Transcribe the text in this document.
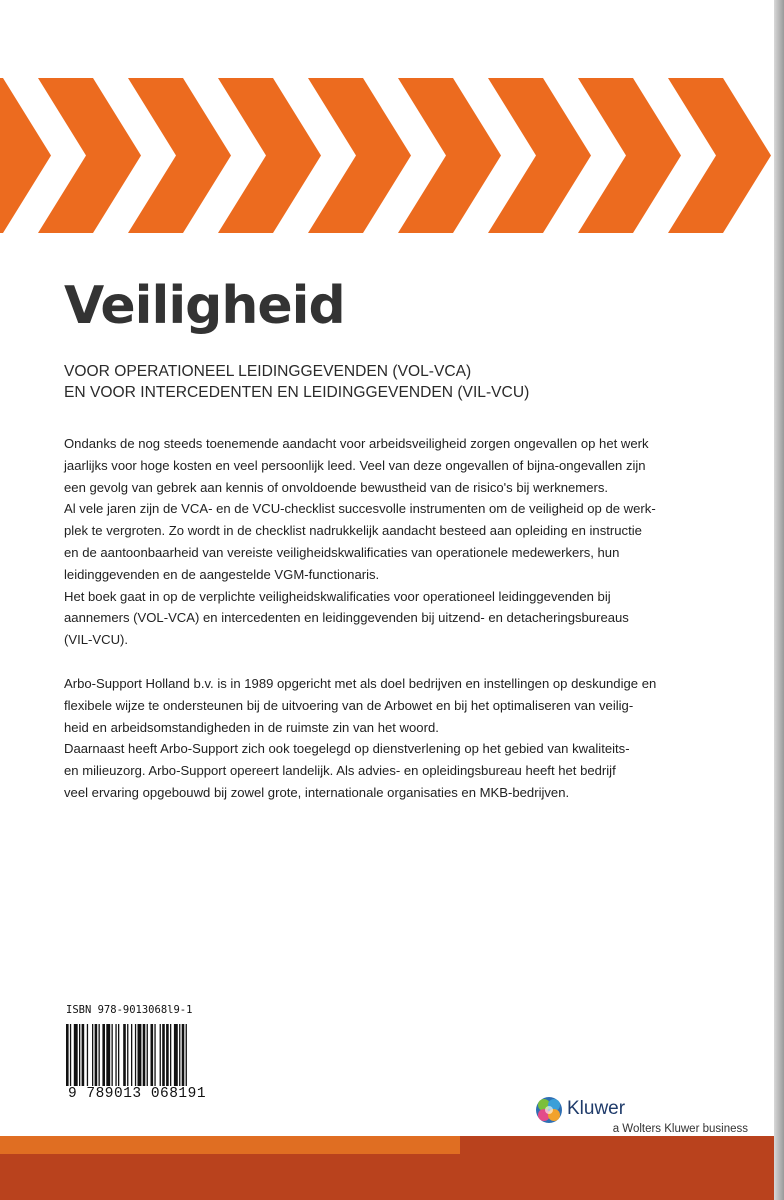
Veiligheid
VOOR OPERATIONEEL LEIDINGGEVENDEN (VOL-VCA)
EN VOOR INTERCEDENTEN EN LEIDINGGEVENDEN (VIL-VCU)

Ondanks de nog steeds toenemende aandacht voor arbeidsveiligheid zorgen ongevallen op het werk
jaarlijks voor hoge kosten en veel persoonlijk leed. Veel van deze ongevallen of bijna-ongevallen zijn
een gevolg van gebrek aan kennis of onvoldoende bewustheid van de risico's bij werknemers.
Al vele jaren zijn de VCA- en de VCU-checklist succesvolle instrumenten om de veiligheid op de werk-
plek te vergroten. Zo wordt in de checklist nadrukkelijk aandacht besteed aan opleiding en instructie
en de aantoonbaarheid van vereiste veiligheidskwalificaties van operationele medewerkers, hun
leidinggevenden en de aangestelde VGM-functionaris.
Het boek gaat in op de verplichte veiligheidskwalificaties voor operationeel leidinggevenden bij
aannemers (VOL-VCA) en intercedenten en leidinggevenden bij uitzend- en detacheringsbureaus
(VIL-VCU).

Arbo-Support Holland b.v. is in 1989 opgericht met als doel bedrijven en instellingen op deskundige en
flexibele wijze te ondersteunen bij de uitvoering van de Arbowet en bij het optimaliseren van veilig-
heid en arbeidsomstandigheden in de ruimste zin van het woord.
Daarnaast heeft Arbo-Support zich ook toegelegd op dienstverlening op het gebied van kwaliteits-
en milieuzorg. Arbo-Support opereert landelijk. Als advies- en opleidingsbureau heeft het bedrijf
veel ervaring opgebouwd bij zowel grote, internationale organisaties en MKB-bedrijven.

ISBN 978-9013068l9-1
9 789013 068191
Kluwer
a Wolters Kluwer business
